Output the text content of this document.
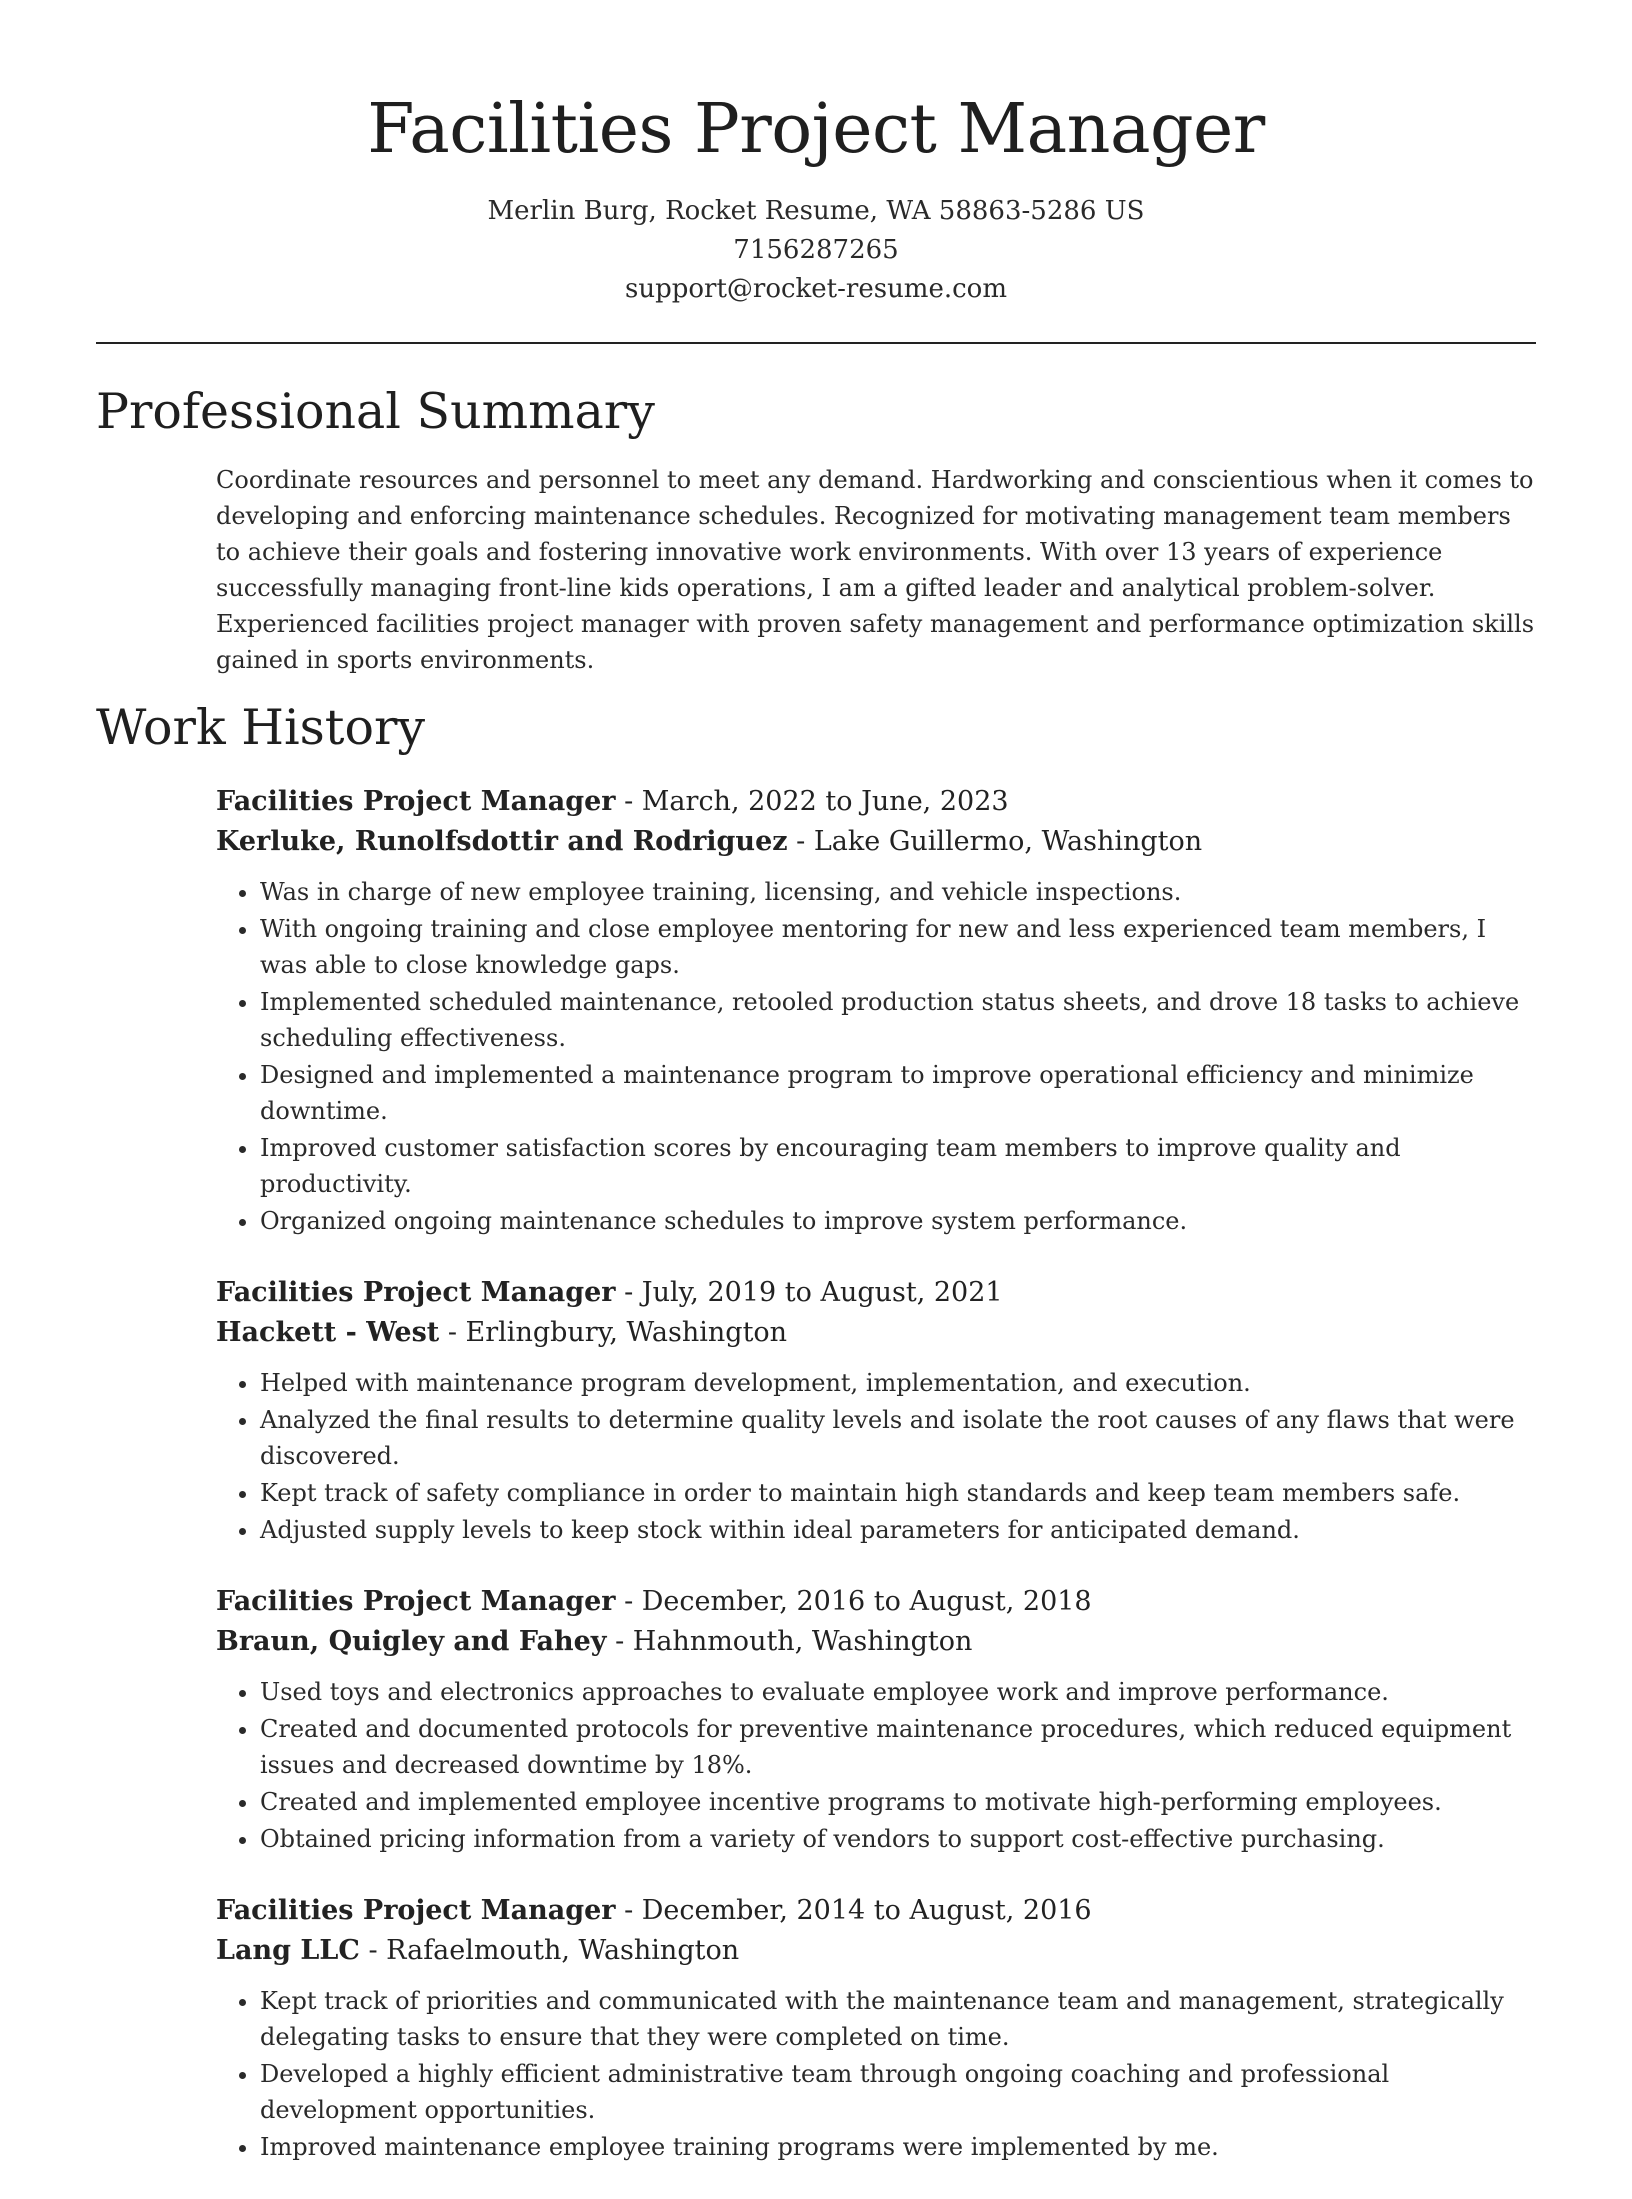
Facilities Project Manager
Merlin Burg, Rocket Resume, WA 58863-5286 US
7156287265
support@rocket-resume.com
Professional Summary

Coordinate resources and personnel to meet any demand. Hardworking and conscientious when it comes to developing and enforcing maintenance schedules. Recognized for motivating management team members to achieve their goals and fostering innovative work environments. With over 13 years of experience successfully managing front-line kids operations, I am a gifted leader and analytical problem-solver. Experienced facilities project manager with proven safety management and performance optimization skills gained in sports environments.

Work History
Facilities Project Manager - March, 2022 to June, 2023
Kerluke, Runolfsdottir and Rodriguez - Lake Guillermo, Washington
• Was in charge of new employee training, licensing, and vehicle inspections.
• With ongoing training and close employee mentoring for new and less experienced team members, I was able to close knowledge gaps.
• Implemented scheduled maintenance, retooled production status sheets, and drove 18 tasks to achieve scheduling effectiveness.
• Designed and implemented a maintenance program to improve operational efficiency and minimize downtime.
• Improved customer satisfaction scores by encouraging team members to improve quality and productivity.
• Organized ongoing maintenance schedules to improve system performance.
Facilities Project Manager - July, 2019 to August, 2021
Hackett - West - Erlingbury, Washington
• Helped with maintenance program development, implementation, and execution.
• Analyzed the final results to determine quality levels and isolate the root causes of any flaws that were discovered.
• Kept track of safety compliance in order to maintain high standards and keep team members safe.
• Adjusted supply levels to keep stock within ideal parameters for anticipated demand.
Facilities Project Manager - December, 2016 to August, 2018
Braun, Quigley and Fahey - Hahnmouth, Washington
• Used toys and electronics approaches to evaluate employee work and improve performance.
• Created and documented protocols for preventive maintenance procedures, which reduced equipment issues and decreased downtime by 18%.
• Created and implemented employee incentive programs to motivate high-performing employees.
• Obtained pricing information from a variety of vendors to support cost-effective purchasing.
Facilities Project Manager - December, 2014 to August, 2016
Lang LLC - Rafaelmouth, Washington
• Kept track of priorities and communicated with the maintenance team and management, strategically delegating tasks to ensure that they were completed on time.
• Developed a highly efficient administrative team through ongoing coaching and professional development opportunities.
• Improved maintenance employee training programs were implemented by me.
